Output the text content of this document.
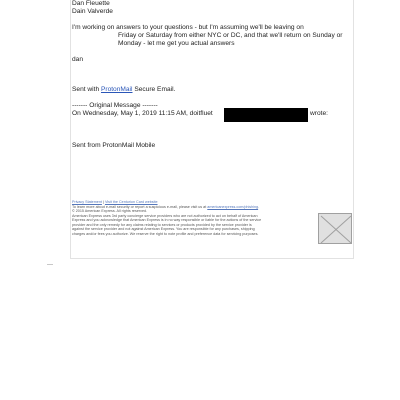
Dan Fleuette
Dain Valverde
I'm working on answers to your questions - but I'm assuming we'll be leaving on
Friday or Saturday from either NYC or DC, and that we'll return on Sunday or
Monday - let me get you actual answers
dan
Sent with ProtonMail Secure Email.
------- Original Message -------
On Wednesday, May 1, 2019 11:15 AM, doitfluet	wrote:
Sent from ProtonMail Mobile
Privacy Statement | Visit the Centurion Card website
To learn more about e-mail security or report a suspicious e-mail, please visit us at americanexpress.com/phishing.
© 2015 American Express. All rights reserved.
American Express uses 3rd party concierge service providers who are not authorized to act on behalf of American
Express and you acknowledge that American Express is in no way responsible or liable for the actions of the service
provider and the only remedy for any claims relating to services or products provided by the service provider is
against the service provider and not against American Express. You are responsible for any purchases, shipping
charges and/or fees you authorize. We reserve the right to note profile and preference data for servicing purposes.
